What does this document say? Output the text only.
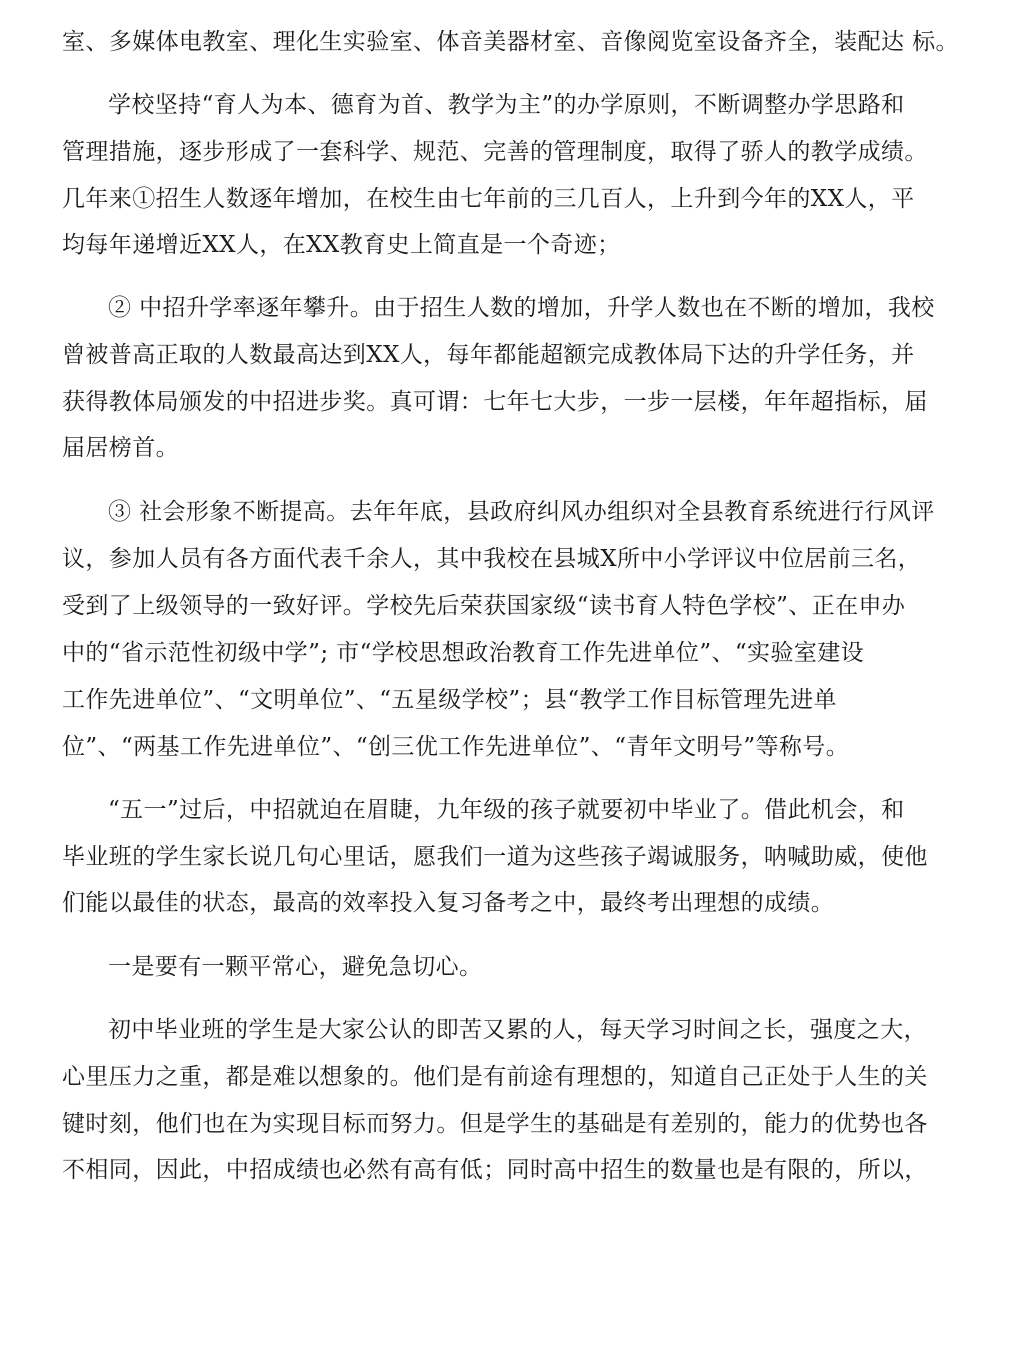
室、多媒体电教室、理化生实验室、体音美器材室、音像阅览室设备齐全，装配达 标。
学校坚持“育人为本、德育为首、教学为主”的办学原则，不断调整办学思路和
管理措施，逐步形成了一套科学、规范、完善的管理制度，取得了骄人的教学成绩。
几年来①招生人数逐年增加，在校生由七年前的三几百人，上升到今年的XX人，平
均每年递增近XX人，在XX教育史上简直是一个奇迹；
② 中招升学率逐年攀升。由于招生人数的增加，升学人数也在不断的增加，我校
曾被普高正取的人数最高达到XX人，每年都能超额完成教体局下达的升学任务，并
获得教体局颁发的中招进步奖。真可谓：七年七大步，一步一层楼，年年超指标，届
届居榜首。
③ 社会形象不断提高。去年年底，县政府纠风办组织对全县教育系统进行行风评
议，参加人员有各方面代表千余人，其中我校在县城X所中小学评议中位居前三名，
受到了上级领导的一致好评。学校先后荣获国家级“读书育人特色学校”、正在申办
中的“省示范性初级中学”; 市“学校思想政治教育工作先进单位”、“实验室建设
工作先进单位”、“文明单位”、“五星级学校”；县“教学工作目标管理先进单
位”、“两基工作先进单位”、“创三优工作先进单位”、“青年文明号”等称号。
“五一”过后，中招就迫在眉睫，九年级的孩子就要初中毕业了。借此机会，和
毕业班的学生家长说几句心里话，愿我们一道为这些孩子竭诚服务，呐喊助威，使他
们能以最佳的状态，最高的效率投入复习备考之中，最终考出理想的成绩。
一是要有一颗平常心，避免急切心。
初中毕业班的学生是大家公认的即苦又累的人，每天学习时间之长，强度之大，
心里压力之重，都是难以想象的。他们是有前途有理想的，知道自己正处于人生的关
键时刻，他们也在为实现目标而努力。但是学生的基础是有差别的，能力的优势也各
不相同，因此，中招成绩也必然有高有低；同时高中招生的数量也是有限的，所以，
